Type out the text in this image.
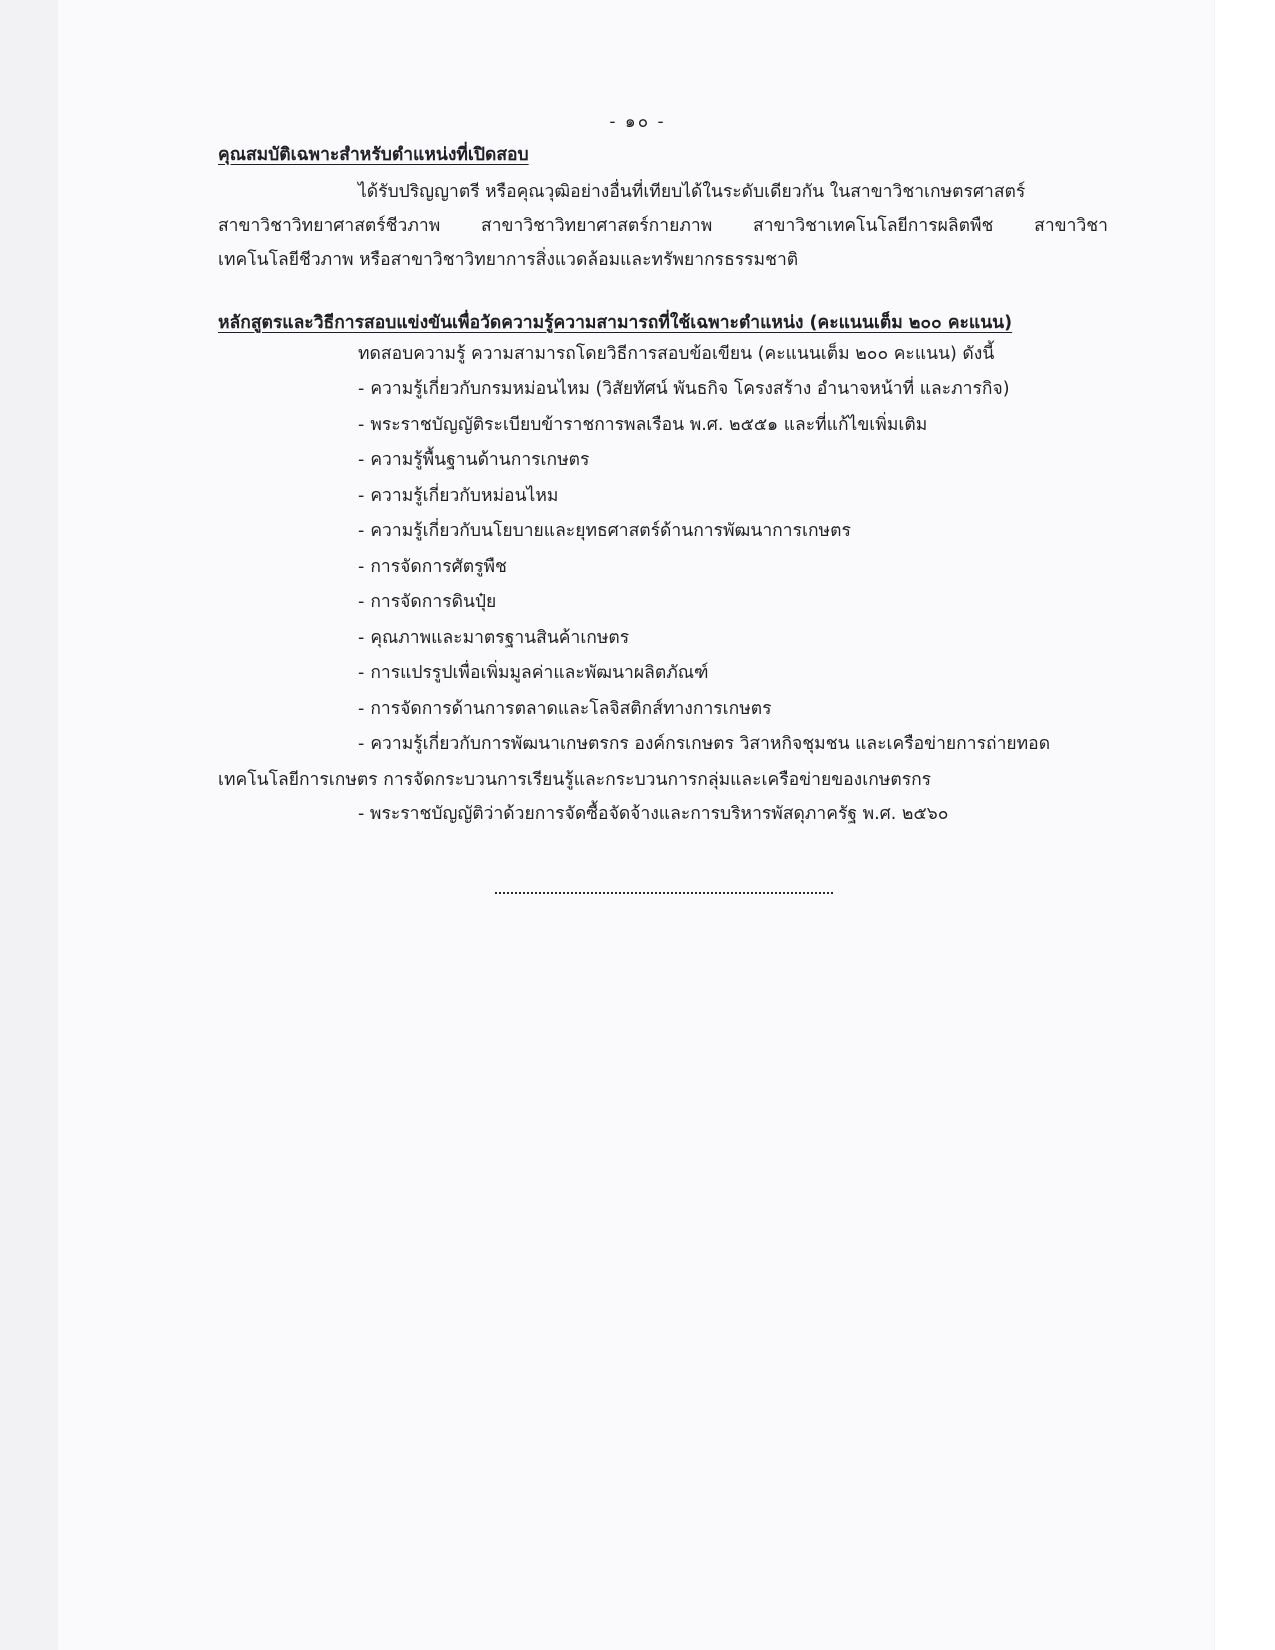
- ๑๐ -
คุณสมบัติเฉพาะสำหรับตำแหน่งที่เปิดสอบ
ได้รับปริญญาตรี หรือคุณวุฒิอย่างอื่นที่เทียบได้ในระดับเดียวกัน ในสาขาวิชาเกษตรศาสตร์
สาขาวิชาวิทยาศาสตร์ชีวภาพ สาขาวิชาวิทยาศาสตร์กายภาพ สาขาวิชาเทคโนโลยีการผลิตพืช สาขาวิชา
เทคโนโลยีชีวภาพ หรือสาขาวิชาวิทยาการสิ่งแวดล้อมและทรัพยากรธรรมชาติ
หลักสูตรและวิธีการสอบแข่งขันเพื่อวัดความรู้ความสามารถที่ใช้เฉพาะตำแหน่ง (คะแนนเต็ม ๒๐๐ คะแนน)
ทดสอบความรู้ ความสามารถโดยวิธีการสอบข้อเขียน (คะแนนเต็ม ๒๐๐ คะแนน) ดังนี้
- ความรู้เกี่ยวกับกรมหม่อนไหม (วิสัยทัศน์ พันธกิจ โครงสร้าง อำนาจหน้าที่ และภารกิจ)
- พระราชบัญญัติระเบียบข้าราชการพลเรือน พ.ศ. ๒๕๕๑ และที่แก้ไขเพิ่มเติม
- ความรู้พื้นฐานด้านการเกษตร
- ความรู้เกี่ยวกับหม่อนไหม
- ความรู้เกี่ยวกับนโยบายและยุทธศาสตร์ด้านการพัฒนาการเกษตร
- การจัดการศัตรูพืช
- การจัดการดินปุ๋ย
- คุณภาพและมาตรฐานสินค้าเกษตร
- การแปรรูปเพื่อเพิ่มมูลค่าและพัฒนาผลิตภัณฑ์
- การจัดการด้านการตลาดและโลจิสติกส์ทางการเกษตร
- ความรู้เกี่ยวกับการพัฒนาเกษตรกร องค์กรเกษตร วิสาหกิจชุมชน และเครือข่ายการถ่ายทอด
เทคโนโลยีการเกษตร การจัดกระบวนการเรียนรู้และกระบวนการกลุ่มและเครือข่ายของเกษตรกร
- พระราชบัญญัติว่าด้วยการจัดซื้อจัดจ้างและการบริหารพัสดุภาครัฐ พ.ศ. ๒๕๖๐
